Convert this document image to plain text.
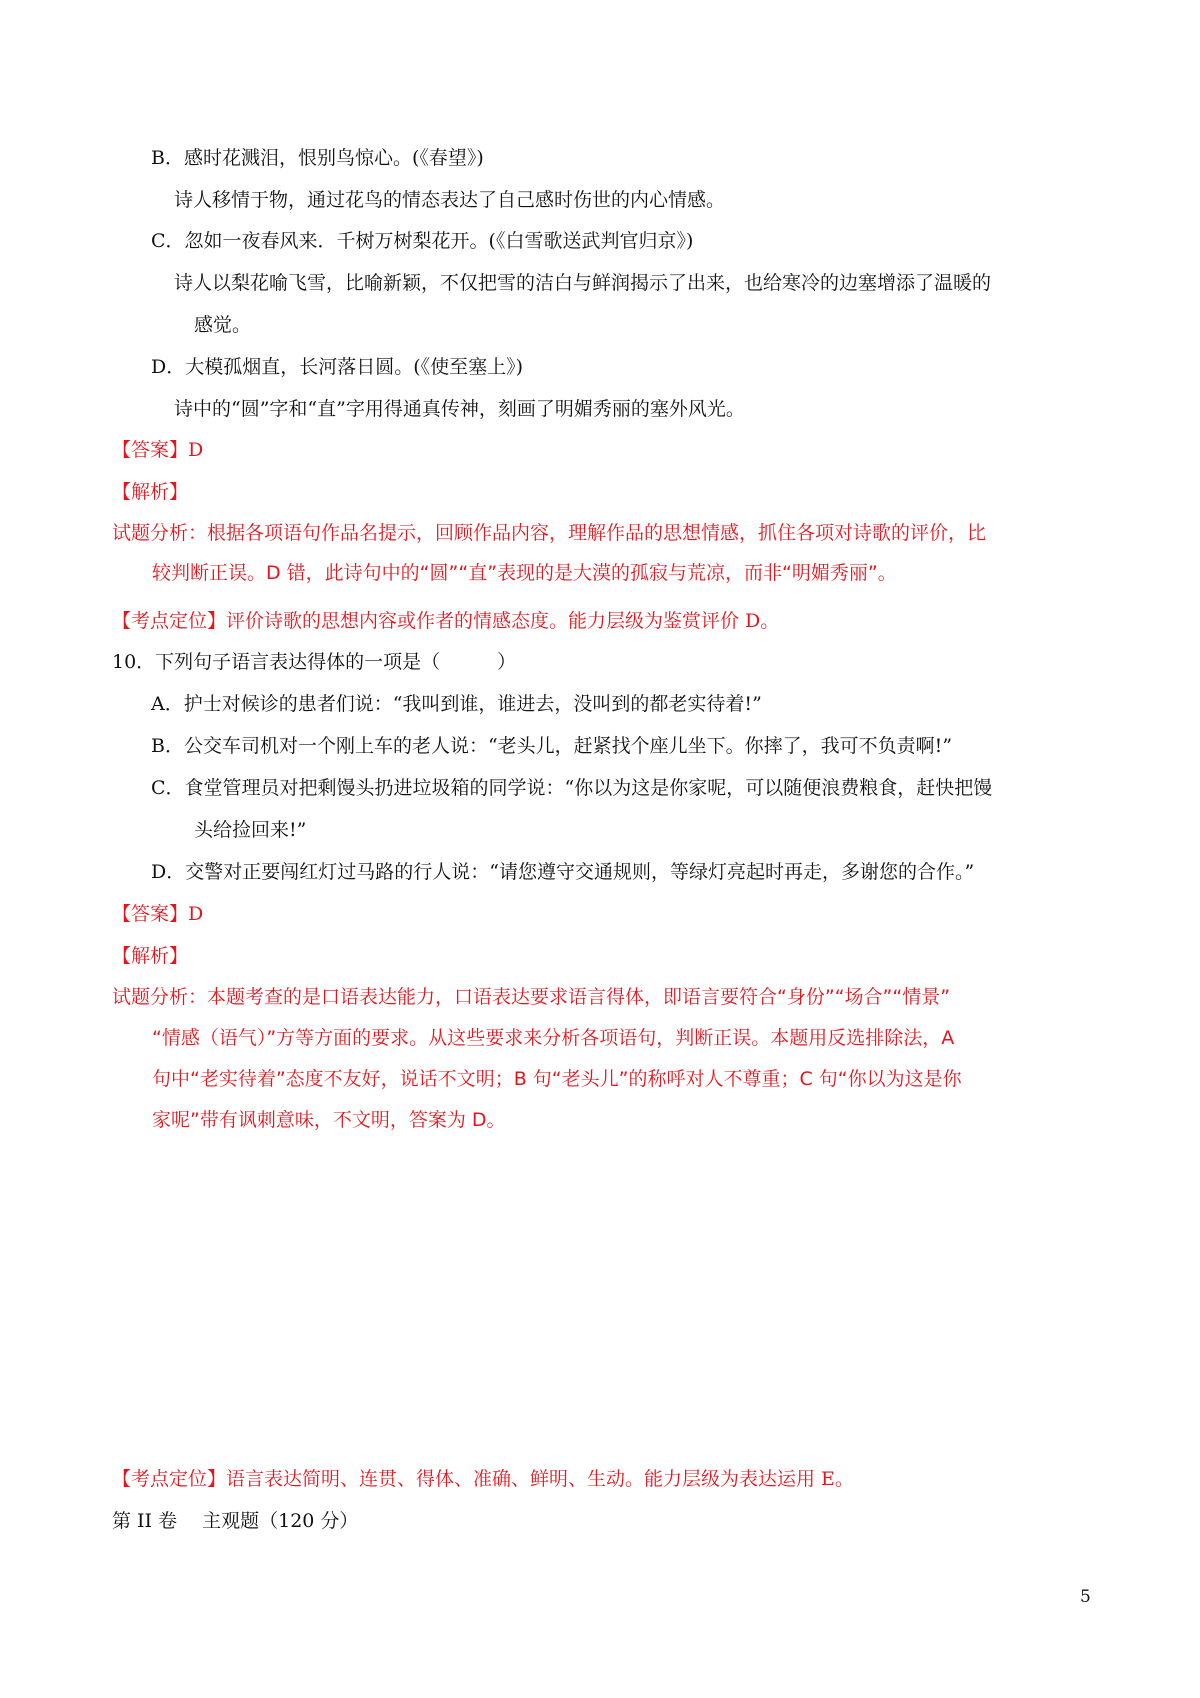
B．感时花溅泪，恨别鸟惊心。(《春望》)
诗人移情于物，通过花鸟的情态表达了自己感时伤世的内心情感。
C．忽如一夜春风来．千树万树梨花开。(《白雪歌送武判官归京》)
诗人以梨花喻飞雪，比喻新颖，不仅把雪的洁白与鲜润揭示了出来，也给寒冷的边塞增添了温暖的
感觉。
D．大模孤烟直，长河落日圆。(《使至塞上》)
诗中的“圆”字和“直”字用得通真传神，刻画了明媚秀丽的塞外风光。
【答案】D
【解析】
试题分析：根据各项语句作品名提示，回顾作品内容，理解作品的思想情感，抓住各项对诗歌的评价，比
较判断正误。D 错，此诗句中的“圆”“直”表现的是大漠的孤寂与荒凉，而非“明媚秀丽”。
【考点定位】评价诗歌的思想内容或作者的情感态度。能力层级为鉴赏评价 D。
10．下列句子语言表达得体的一项是（　　　）
A．护士对候诊的患者们说：“我叫到谁，谁进去，没叫到的都老实待着!”
B．公交车司机对一个刚上车的老人说：“老头儿，赶紧找个座儿坐下。你摔了，我可不负责啊!”
C．食堂管理员对把剩馒头扔进垃圾箱的同学说：“你以为这是你家呢，可以随便浪费粮食，赶快把馒
头给捡回来!”
D．交警对正要闯红灯过马路的行人说：“请您遵守交通规则，等绿灯亮起时再走，多谢您的合作。”
【答案】D
【解析】
试题分析：本题考查的是口语表达能力，口语表达要求语言得体，即语言要符合“身份”“场合”“情景”
“情感（语气）”方等方面的要求。从这些要求来分析各项语句，判断正误。本题用反选排除法，A
句中“老实待着”态度不友好，说话不文明；B 句“老头儿”的称呼对人不尊重；C 句“你以为这是你
家呢”带有讽刺意味，不文明，答案为 D。
【考点定位】语言表达简明、连贯、得体、准确、鲜明、生动。能力层级为表达运用 E。
第 II 卷　 主观题（120 分）
5
